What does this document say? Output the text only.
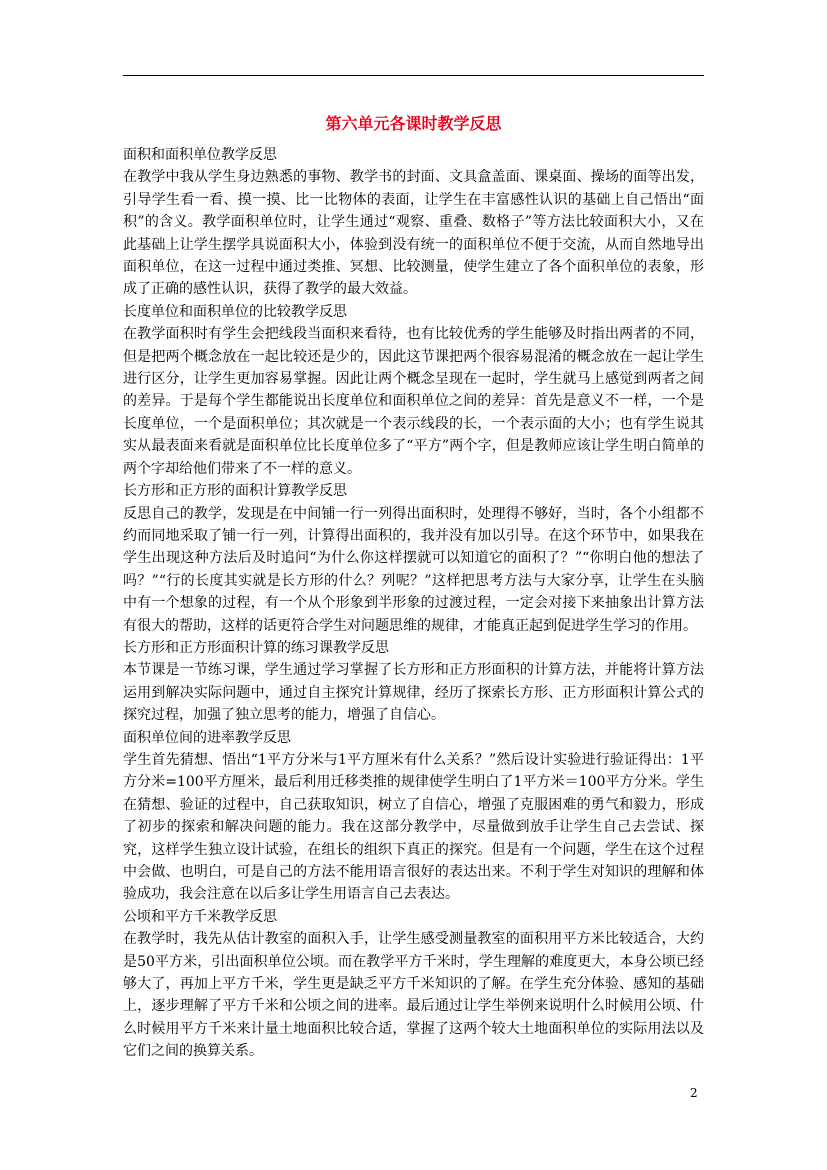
第六单元各课时教学反思

面积和面积单位教学反思

在教学中我从学生身边熟悉的事物、教学书的封面、文具盒盖面、课桌面、操场的面等出发，引导学生看一看、摸一摸、比一比物体的表面，让学生在丰富感性认识的基础上自己悟出“面积”的含义。教学面积单位时，让学生通过“观察、重叠、数格子”等方法比较面积大小，又在此基础上让学生摆学具说面积大小，体验到没有统一的面积单位不便于交流，从而自然地导出面积单位，在这一过程中通过类推、冥想、比较测量，使学生建立了各个面积单位的表象，形成了正确的感性认识，获得了教学的最大效益。

长度单位和面积单位的比较教学反思

在教学面积时有学生会把线段当面积来看待，也有比较优秀的学生能够及时指出两者的不同，但是把两个概念放在一起比较还是少的，因此这节课把两个很容易混淆的概念放在一起让学生进行区分，让学生更加容易掌握。因此让两个概念呈现在一起时，学生就马上感觉到两者之间的差异。于是每个学生都能说出长度单位和面积单位之间的差异：首先是意义不一样，一个是长度单位，一个是面积单位；其次就是一个表示线段的长，一个表示面的大小；也有学生说其实从最表面来看就是面积单位比长度单位多了“平方”两个字，但是教师应该让学生明白简单的两个字却给他们带来了不一样的意义。

长方形和正方形的面积计算教学反思

反思自己的教学，发现是在中间铺一行一列得出面积时，处理得不够好，当时，各个小组都不约而同地采取了铺一行一列，计算得出面积的，我并没有加以引导。在这个环节中，如果我在学生出现这种方法后及时追问“为什么你这样摆就可以知道它的面积了？”“你明白他的想法了吗？”“行的长度其实就是长方形的什么？列呢？”这样把思考方法与大家分享，让学生在头脑中有一个想象的过程，有一个从个形象到半形象的过渡过程，一定会对接下来抽象出计算方法有很大的帮助，这样的话更符合学生对问题思维的规律，才能真正起到促进学生学习的作用。

长方形和正方形面积计算的练习课教学反思

本节课是一节练习课，学生通过学习掌握了长方形和正方形面积的计算方法，并能将计算方法运用到解决实际问题中，通过自主探究计算规律，经历了探索长方形、正方形面积计算公式的探究过程，加强了独立思考的能力，增强了自信心。

面积单位间的进率教学反思

学生首先猜想、悟出“1平方分米与1平方厘米有什么关系？”然后设计实验进行验证得出：1平方分米=100平方厘米，最后利用迁移类推的规律使学生明白了1平方米＝100平方分米。学生在猜想、验证的过程中，自己获取知识，树立了自信心，增强了克服困难的勇气和毅力，形成了初步的探索和解决问题的能力。我在这部分教学中，尽量做到放手让学生自己去尝试、探究，这样学生独立设计试验，在组长的组织下真正的探究。但是有一个问题，学生在这个过程中会做、也明白，可是自己的方法不能用语言很好的表达出来。不利于学生对知识的理解和体验成功，我会注意在以后多让学生用语言自己去表达。

公顷和平方千米教学反思

在教学时，我先从估计教室的面积入手，让学生感受测量教室的面积用平方米比较适合，大约是50平方米，引出面积单位公顷。而在教学平方千米时，学生理解的难度更大，本身公顷已经够大了，再加上平方千米，学生更是缺乏平方千米知识的了解。在学生充分体验、感知的基础上，逐步理解了平方千米和公顷之间的进率。最后通过让学生举例来说明什么时候用公顷、什么时候用平方千米来计量土地面积比较合适，掌握了这两个较大土地面积单位的实际用法以及它们之间的换算关系。

2
